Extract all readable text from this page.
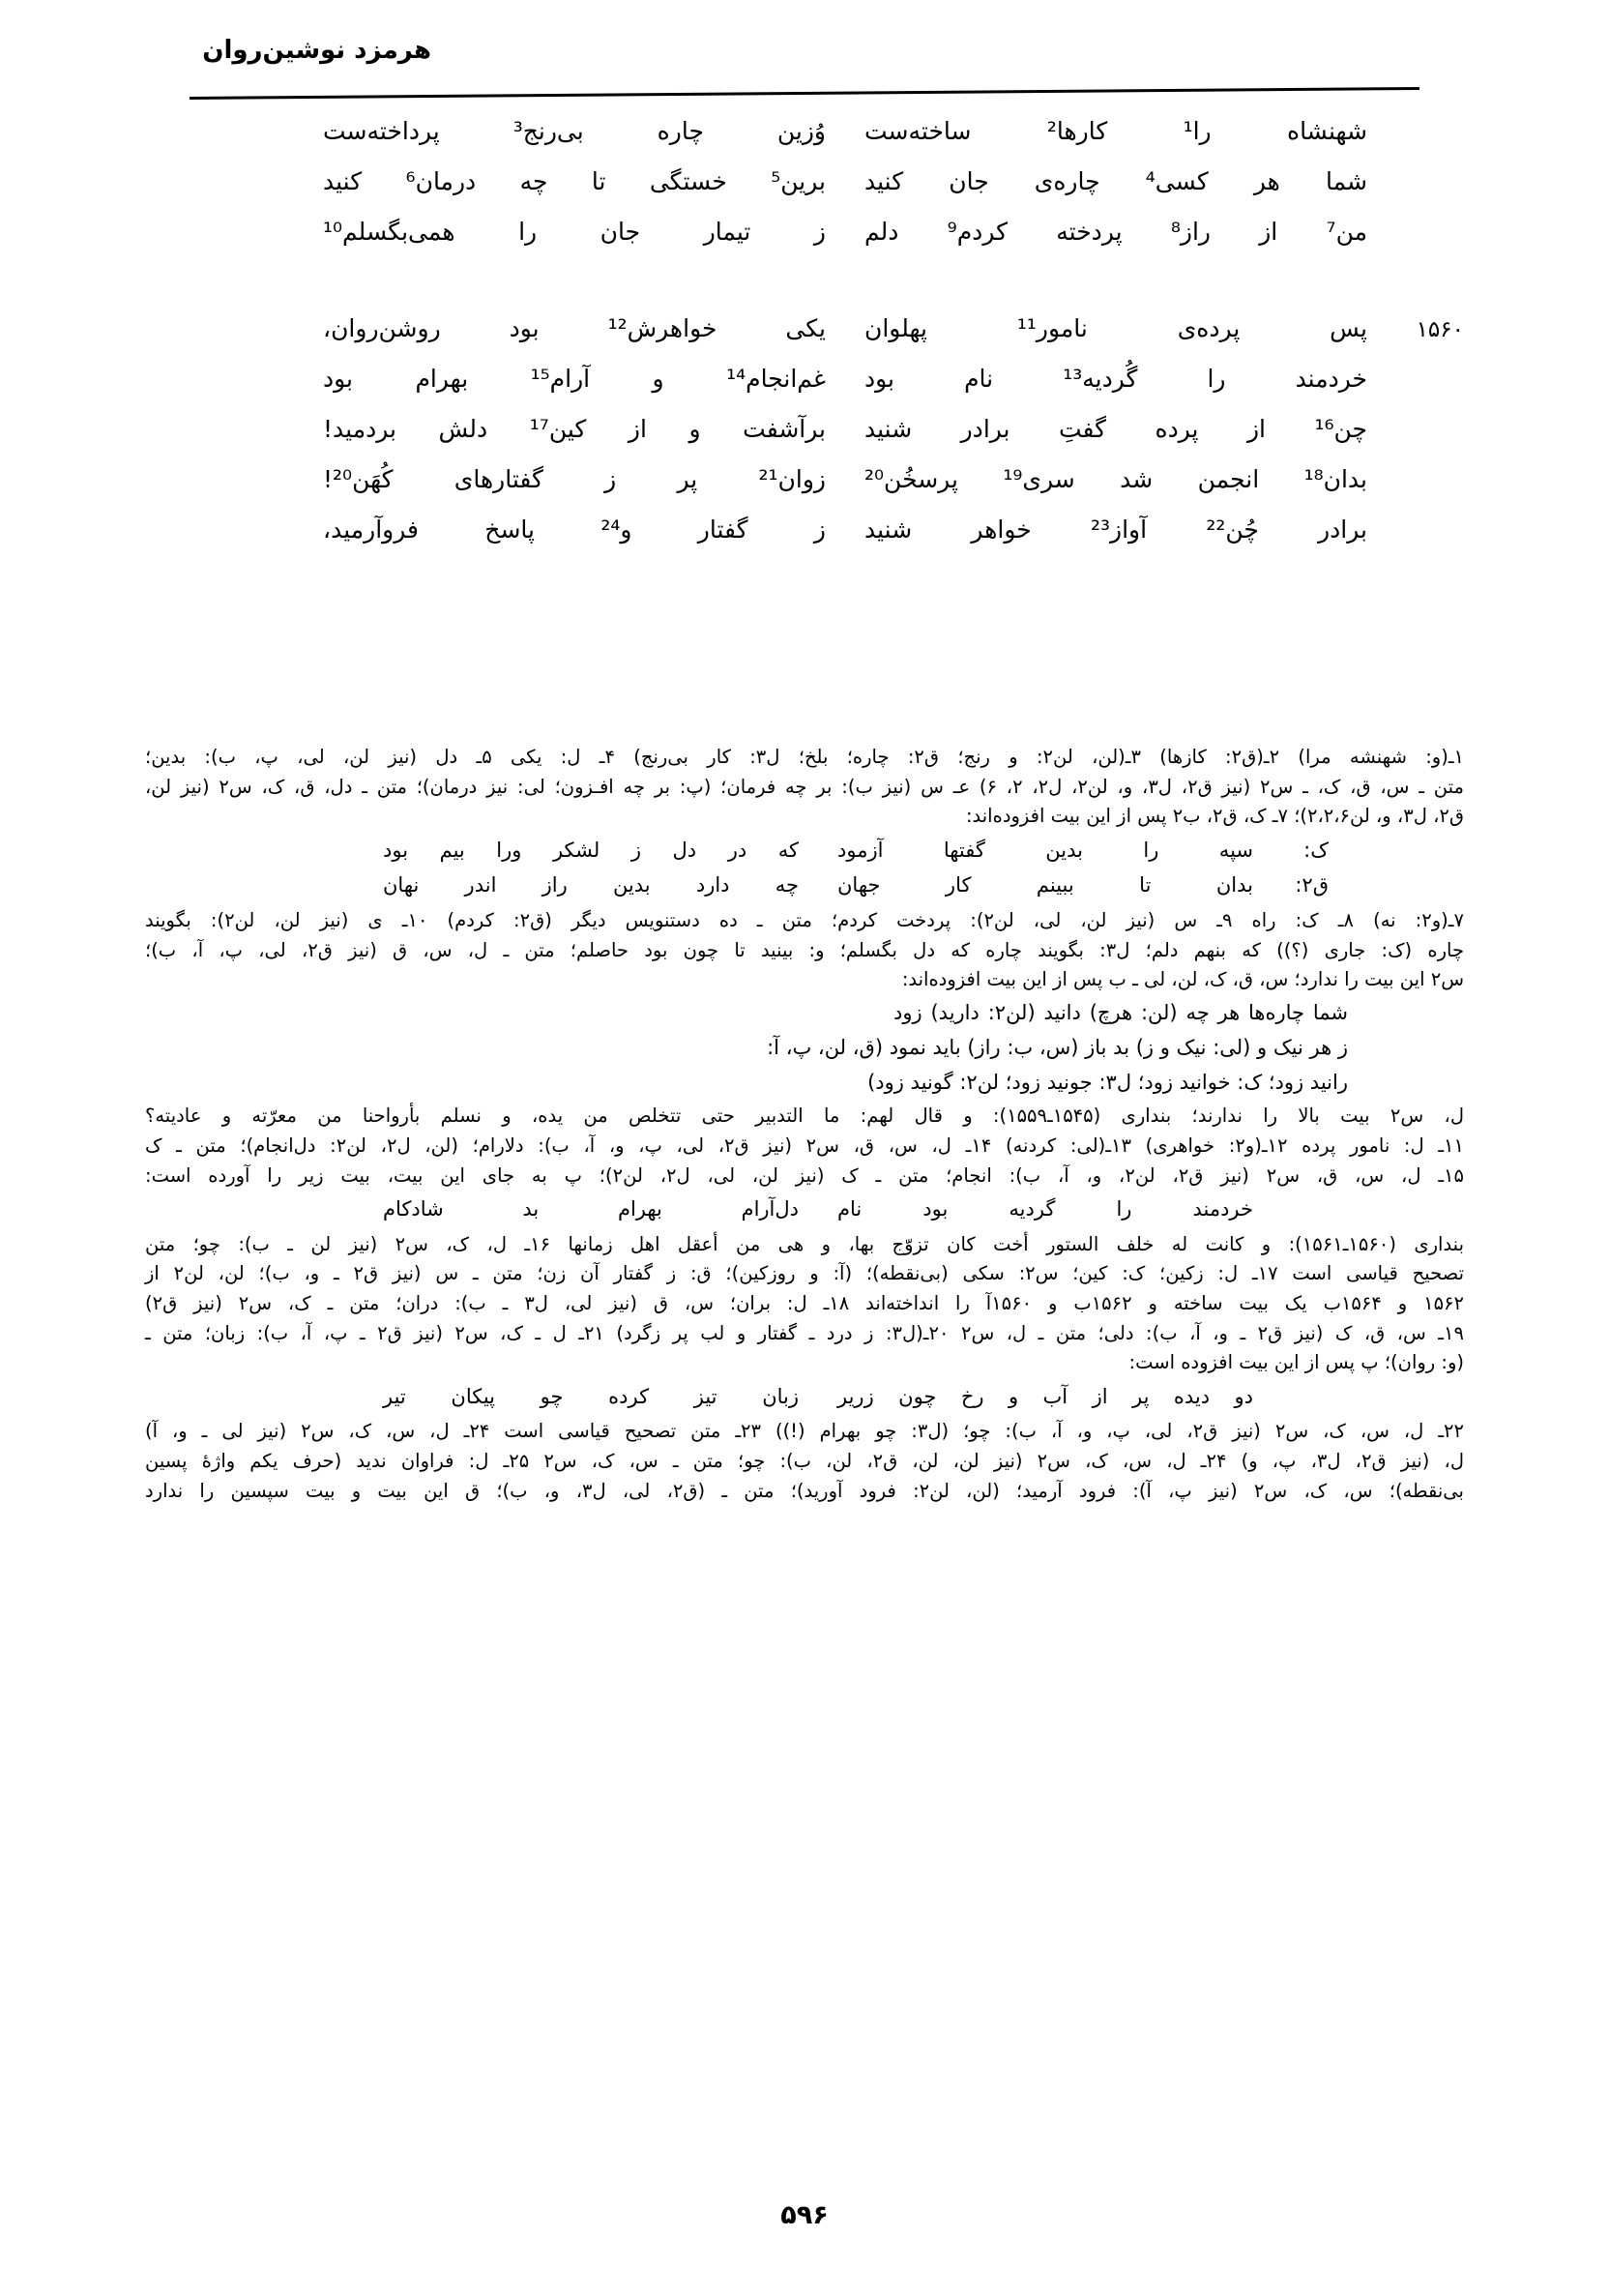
هرمزد نوشین‌روان
شهنشاه را¹ کارها² ساخته‌ست
وُزین چاره بی‌رنج³ پرداخته‌ست
شما هر کسی⁴ چاره‌ی جان کنید
برین⁵ خستگی تا چه درمان⁶ کنید
من⁷ از راز⁸ پردخته کردم⁹ دلم
ز تیمار جان را همی‌بگسلم¹⁰
۱۵۶۰
پس پرده‌ی نامور¹¹ پهلوان
یکی خواهرش¹² بود روشن‌روان،
خردمند را گُردیه¹³ نام بود
غم‌انجام¹⁴ و آرام¹⁵ بهرام بود
چن¹⁶ از پرده گفتِ برادر شنید
برآشفت و از کین¹⁷ دلش بردمید!
بدان¹⁸ انجمن شد سری¹⁹ پرسخُن²⁰
زوان²¹ پر ز گفتارهای کُهَن²⁰!
برادر چُن²² آواز²³ خواهر شنید
ز گفتار و²⁴ پاسخ فروآرمید،
۱ـ(و: شهنشه مرا) ۲ـ(ق۲: کازها) ۳ـ(لن، لن۲: و رنج؛ ق۲: چاره؛ بلخ؛ ل۳: کار بی‌رنج) ۴ـ ل: یکی ۵ـ دل (نیز لن، لی، پ، ب): بدین؛
متن ـ س، ق، ک، ـ س۲ (نیز ق۲، ل۳، و، لن۲، ل۲، ۲، ۶) عـ س (نیز ب): بر چه فرمان؛ (پ: بر چه افـزون؛ لی: نیز درمان)؛ متن ـ دل، ق، ک، س۲ (نیز لن،
ق۲، ل۳، و، لن۲،۲،۶)؛ ۷ـ ک، ق۲، ب۲ پس از این بیت افزوده‌اند:
ک:
سپه را بدین گفتها آزمود
که در دل ز لشکر ورا بیم بود
ق۲:
بدان تا ببینم کار جهان
چه دارد بدین راز اندر نهان
۷ـ(و۲: نه) ۸ـ ک: راه ۹ـ س (نیز لن، لی، لن۲): پردخت کردم؛ متن ـ ده دستنویس دیگر (ق۲: کردم) ۱۰ـ ی (نیز لن، لن۲): بگویند
چاره (ک: جاری (؟)) که بنهم دلم؛ ل۳: بگویند چاره که دل بگسلم؛ و: بینید تا چون بود حاصلم؛ متن ـ ل، س، ق (نیز ق۲، لی، پ، آ، ب)؛
س۲ این بیت را ندارد؛ س، ق، ک، لن، لی ـ ب پس از این بیت افزوده‌اند:
شما چاره‌ها هر چه (لن: هرچ) دانید (لن۲: دارید) زود
ز هر نیک و (لی: نیک و ز) بد باز (س، ب: راز) باید نمود (ق، لن، پ، آ:
رانید زود؛ ک: خوانید زود؛ ل۳: جونید زود؛ لن۲: گونید زود)
ل، س۲ بیت بالا را ندارند؛ بنداری (۱۵۴۵ـ۱۵۵۹): و قال لهم: ما التدبیر حتی تتخلص من یده، و نسلم بأرواحنا من معرّته و عادیته؟
۱۱ـ ل: نامور پرده ۱۲ـ(و۲: خواهری) ۱۳ـ(لی: کردنه) ۱۴ـ ل، س، ق، س۲ (نیز ق۲، لی، پ، و، آ، ب): دلارام؛ (لن، ل۲، لن۲: دل‌انجام)؛ متن ـ ک
۱۵ـ ل، س، ق، س۲ (نیز ق۲، لن۲، و، آ، ب): انجام؛ متن ـ ک (نیز لن، لی، ل۲، لن۲)؛ پ به جای این بیت، بیت زیر را آورده است:
خردمند را گردیه بود نام
دل‌آرام بهرام بد شادکام
بنداری (۱۵۶۰ـ۱۵۶۱): و کانت له خلف الستور أخت کان تزوّج بها، و هی من أعقل اهل زمانها ۱۶ـ ل، ک، س۲ (نیز لن ـ ب): چو؛ متن
تصحیح قیاسی است ۱۷ـ ل: زکین؛ ک: کین؛ س۲: سکی (بی‌نقطه)؛ (آ: و روزکین)؛ ق: ز گفتار آن زن؛ متن ـ س (نیز ق۲ ـ و، ب)؛ لن، لن۲ از
۱۵۶۲ و ۱۵۶۴ب یک بیت ساخته و ۱۵۶۲ب و ۱۵۶۰آ را انداخته‌اند ۱۸ـ ل: بران؛ س، ق (نیز لی، ل۳ ـ ب): دران؛ متن ـ ک، س۲ (نیز ق۲)
۱۹ـ س، ق، ک (نیز ق۲ ـ و، آ، ب): دلی؛ متن ـ ل، س۲ ۲۰ـ(ل۳: ز درد ـ گفتار و لب پر زگرد) ۲۱ـ ل ـ ک، س۲ (نیز ق۲ ـ پ، آ، ب): زبان؛ متن ـ
(و: روان)؛ پ پس از این بیت افزوده است:
دو دیده پر از آب و رخ چون زریر
زبان تیز کرده چو پیکان تیر
۲۲ـ ل، س، ک، س۲ (نیز ق۲، لی، پ، و، آ، ب): چو؛ (ل۳: چو بهرام (!)) ۲۳ـ متن تصحیح قیاسی است ۲۴ـ ل، س، ک، س۲ (نیز لی ـ و، آ)
ل، (نیز ق۲، ل۳، پ، و) ۲۴ـ ل، س، ک، س۲ (نیز لن، لن، ق۲، لن، ب): چو؛ متن ـ س، ک، س۲ ۲۵ـ ل: فراوان ندید (حرف یکم واژهٔ پسین
بی‌نقطه)؛ س، ک، س۲ (نیز پ، آ): فرود آرمید؛ (لن، لن۲: فرود آورید)؛ متن ـ (ق۲، لی، ل۳، و، ب)؛ ق این بیت و بیت سپسین را ندارد
۵۹۶
